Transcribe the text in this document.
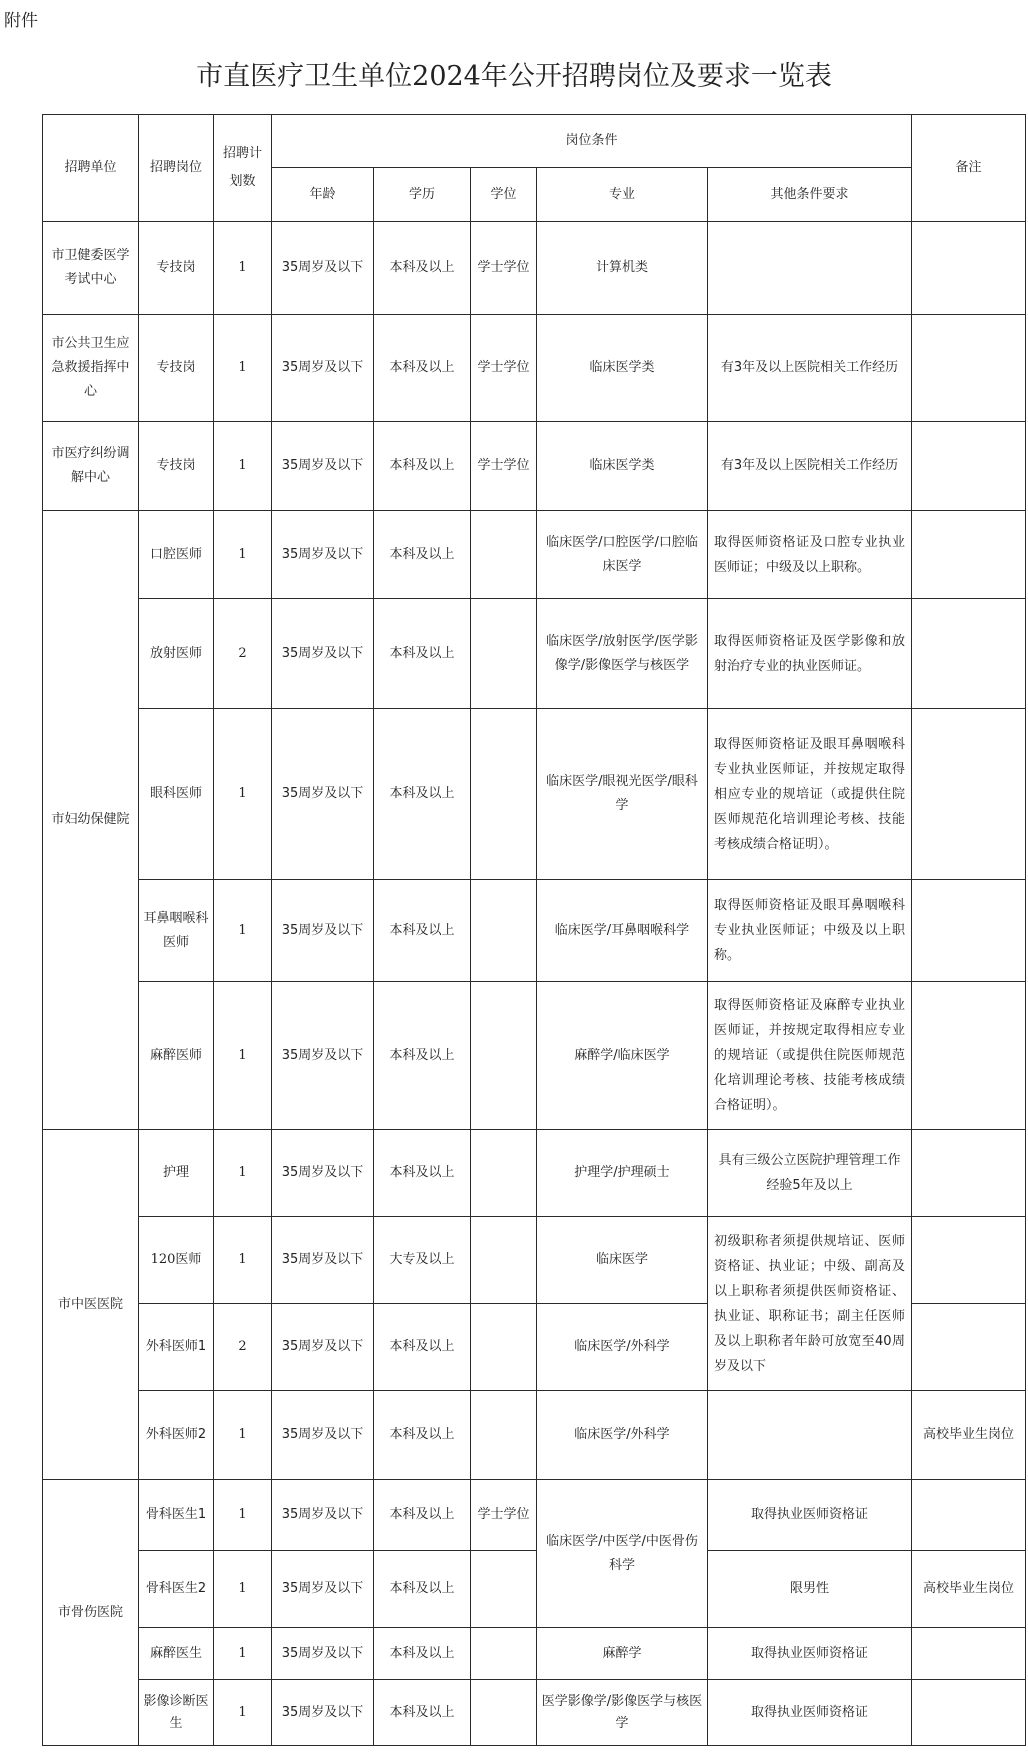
附件
市直医疗卫生单位2024年公开招聘岗位及要求一览表
招聘单位	招聘岗位	招聘计划数	岗位条件					备注
			年龄	学历	学位	专业	其他条件要求	
市卫健委医学考试中心	专技岗	1	35周岁及以下	本科及以上	学士学位	计算机类		
市公共卫生应急救援指挥中心	专技岗	1	35周岁及以下	本科及以上	学士学位	临床医学类	有3年及以上医院相关工作经历	
市医疗纠纷调解中心	专技岗	1	35周岁及以下	本科及以上	学士学位	临床医学类	有3年及以上医院相关工作经历	
市妇幼保健院	口腔医师	1	35周岁及以下	本科及以上		临床医学/口腔医学/口腔临床医学	取得医师资格证及口腔专业执业医师证；中级及以上职称。	
	放射医师	2	35周岁及以下	本科及以上		临床医学/放射医学/医学影像学/影像医学与核医学	取得医师资格证及医学影像和放射治疗专业的执业医师证。	
	眼科医师	1	35周岁及以下	本科及以上		临床医学/眼视光医学/眼科学	取得医师资格证及眼耳鼻咽喉科专业执业医师证，并按规定取得相应专业的规培证（或提供住院医师规范化培训理论考核、技能考核成绩合格证明）。	
	耳鼻咽喉科医师	1	35周岁及以下	本科及以上		临床医学/耳鼻咽喉科学	取得医师资格证及眼耳鼻咽喉科专业执业医师证；中级及以上职称。	
	麻醉医师	1	35周岁及以下	本科及以上		麻醉学/临床医学	取得医师资格证及麻醉专业执业医师证，并按规定取得相应专业的规培证（或提供住院医师规范化培训理论考核、技能考核成绩合格证明）。	
市中医医院	护理	1	35周岁及以下	本科及以上		护理学/护理硕士	具有三级公立医院护理管理工作经验5年及以上	
	120医师	1	35周岁及以下	大专及以上		临床医学	初级职称者须提供规培证、医师资格证、执业证；中级、副高及以上职称者须提供医师资格证、执业证、职称证书；副主任医师及以上职称者年龄可放宽至40周岁及以下	
	外科医师1	2	35周岁及以下	本科及以上		临床医学/外科学		
	外科医师2	1	35周岁及以下	本科及以上		临床医学/外科学		高校毕业生岗位
市骨伤医院	骨科医生1	1	35周岁及以下	本科及以上	学士学位	临床医学/中医学/中医骨伤科学	取得执业医师资格证	
	骨科医生2	1	35周岁及以下	本科及以上			限男性	高校毕业生岗位
	麻醉医生	1	35周岁及以下	本科及以上		麻醉学	取得执业医师资格证	
	影像诊断医生	1	35周岁及以下	本科及以上		医学影像学/影像医学与核医学	取得执业医师资格证	
